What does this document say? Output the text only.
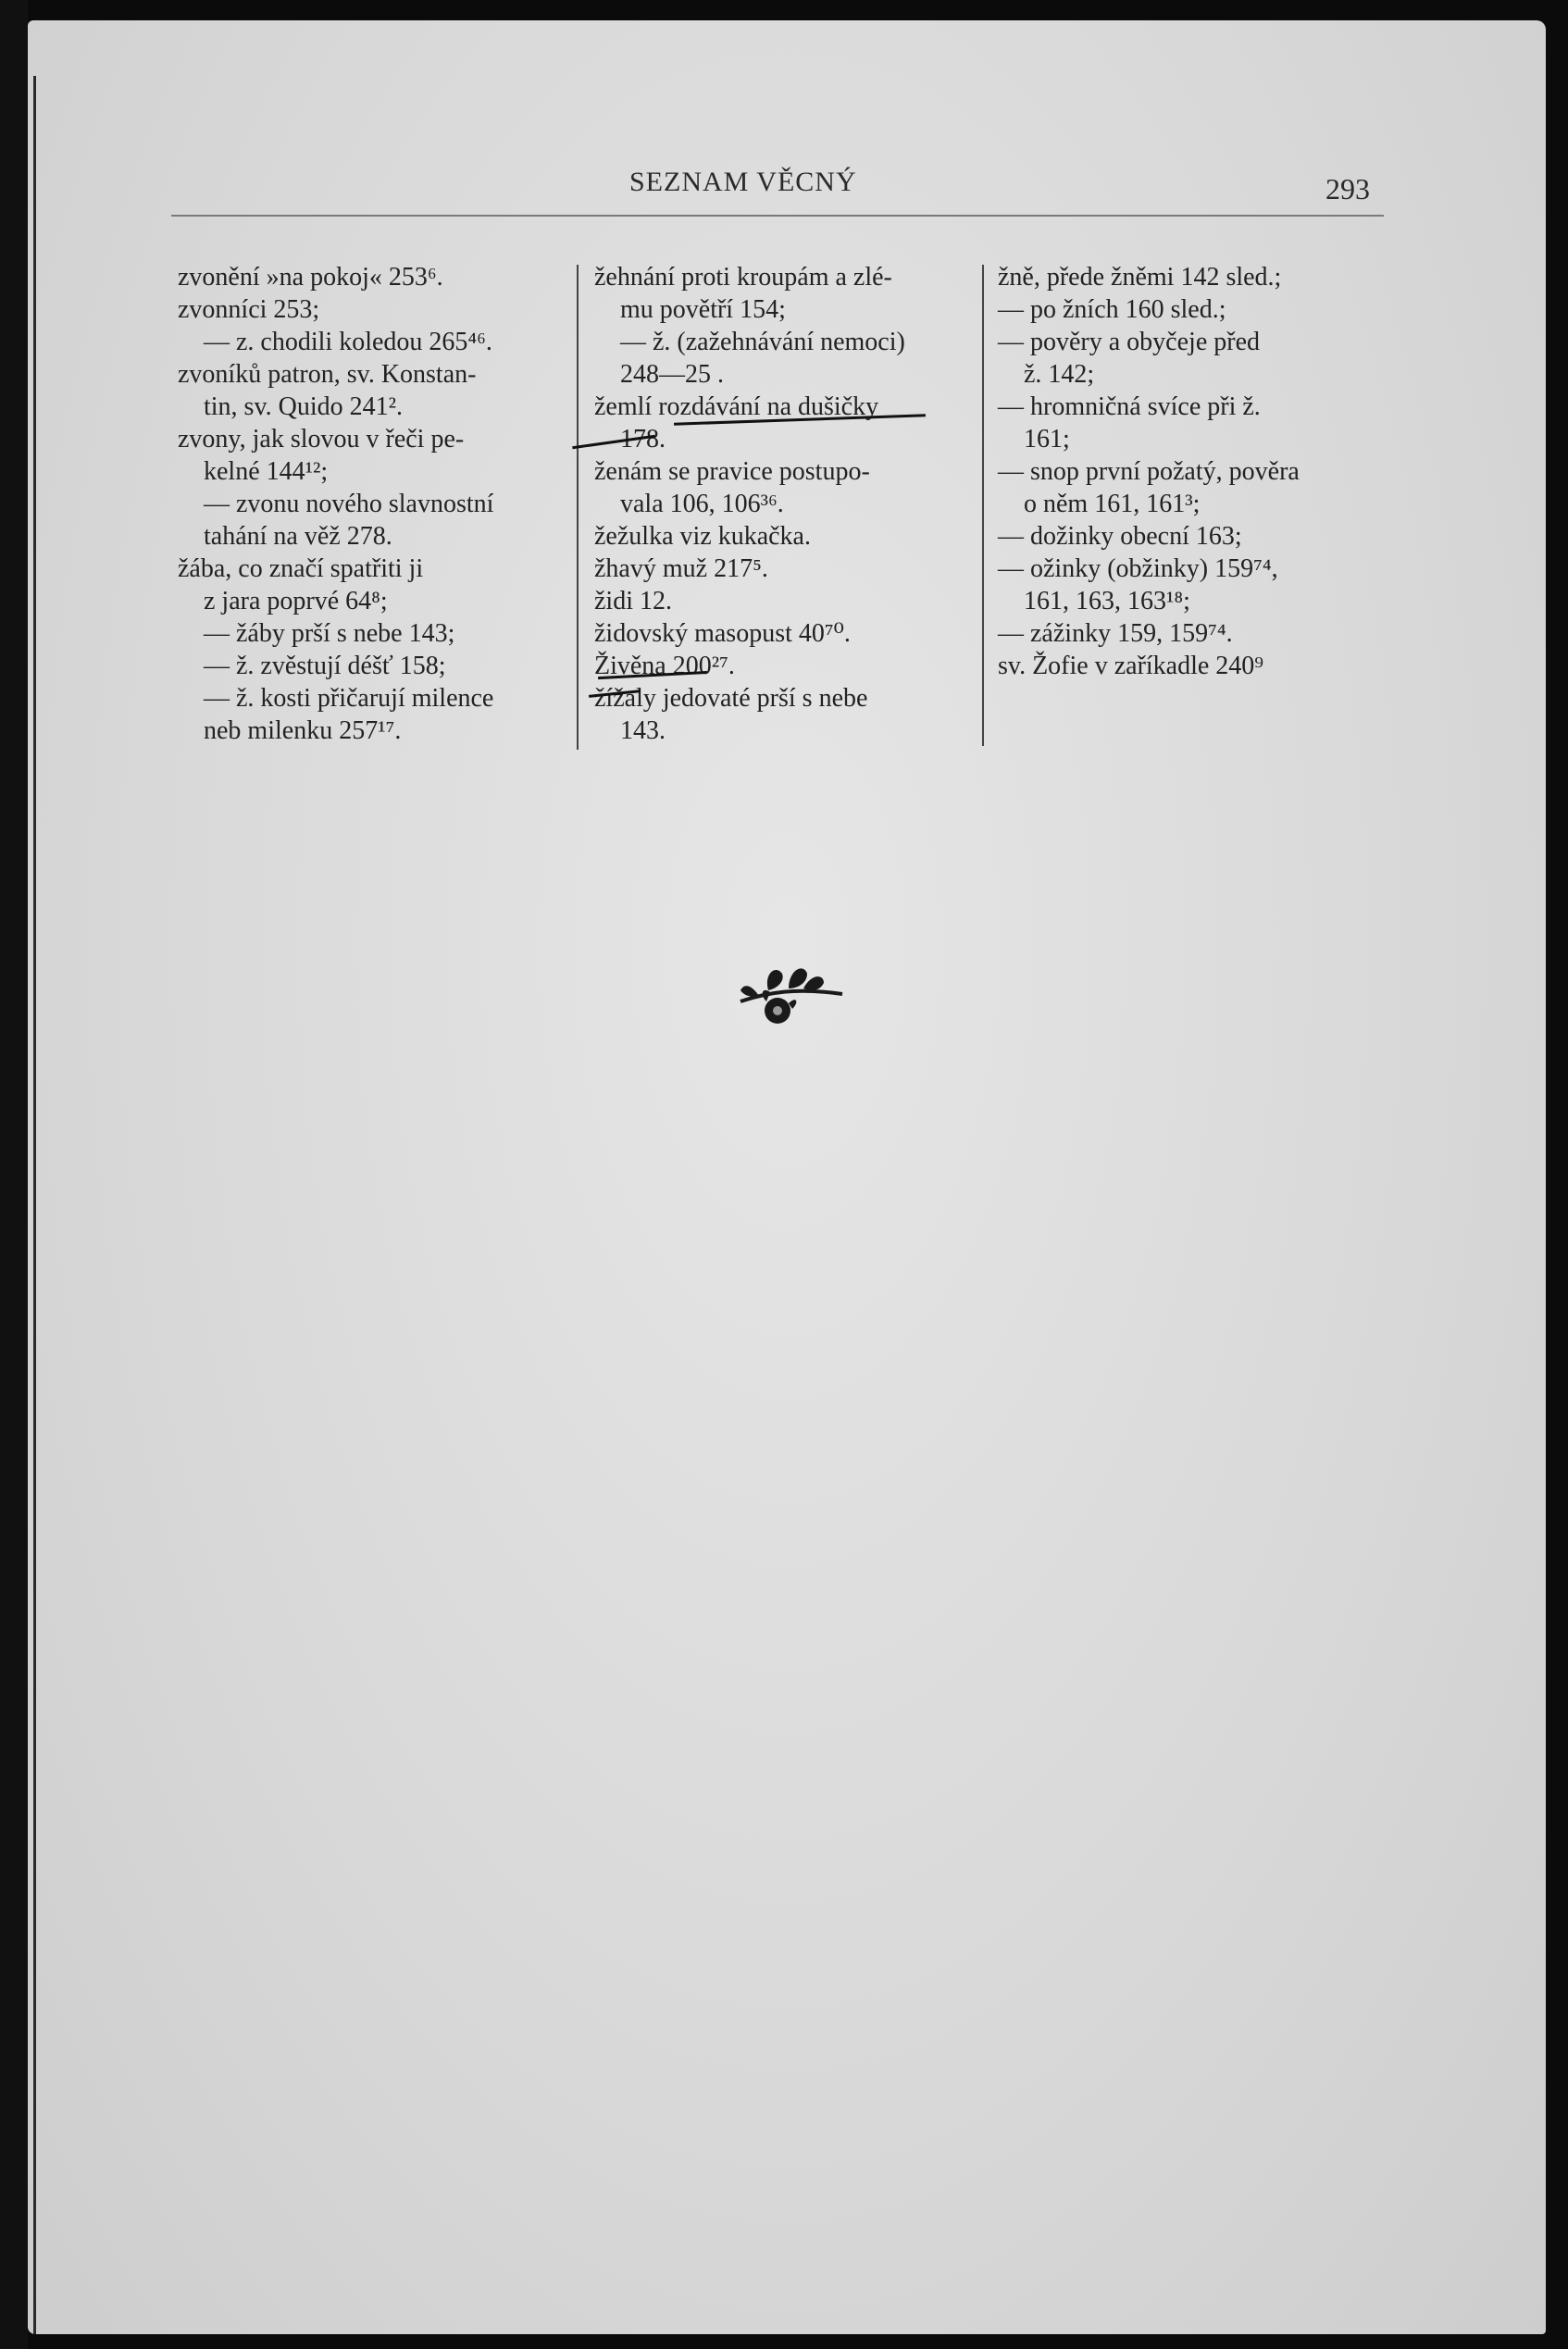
SEZNAM VĚCNÝ	293
zvonění »na pokoj« 253⁶.
zvonníci 253;
— z. chodili koledou 265⁴⁶.
zvoníků patron, sv. Konstan-
tin, sv. Quido 241².
zvony, jak slovou v řeči pe-
kelné 144¹²;
— zvonu nového slavnostní
tahání na věž 278.
žába, co značí spatřiti ji
z jara poprvé 64⁸;
— žáby prší s nebe 143;
— ž. zvěstují déšť 158;
— ž. kosti přičarují milence
neb milenku 257¹⁷.
žehnání proti kroupám a zlé-
mu povětří 154;
— ž. (zažehnávání nemoci)
248—25 .
žemlí rozdávání na dušičky
178.
ženám se pravice postupo-
vala 106, 106³⁶.
žežulka viz kukačka.
žhavý muž 217⁵.
židi 12.
židovský masopust 40⁷⁰.
Živěna 200²⁷.
žížaly jedovaté prší s nebe
143.
žně, přede žněmi 142 sled.;
— po žních 160 sled.;
— pověry a obyčeje před
ž. 142;
— hromničná svíce při ž.
161;
— snop první požatý, pověra
o něm 161, 161³;
— dožinky obecní 163;
— ožinky (obžinky) 159⁷⁴,
161, 163, 163¹⁸;
— zážinky 159, 159⁷⁴.
sv. Žofie v zaříkadle 240⁹
